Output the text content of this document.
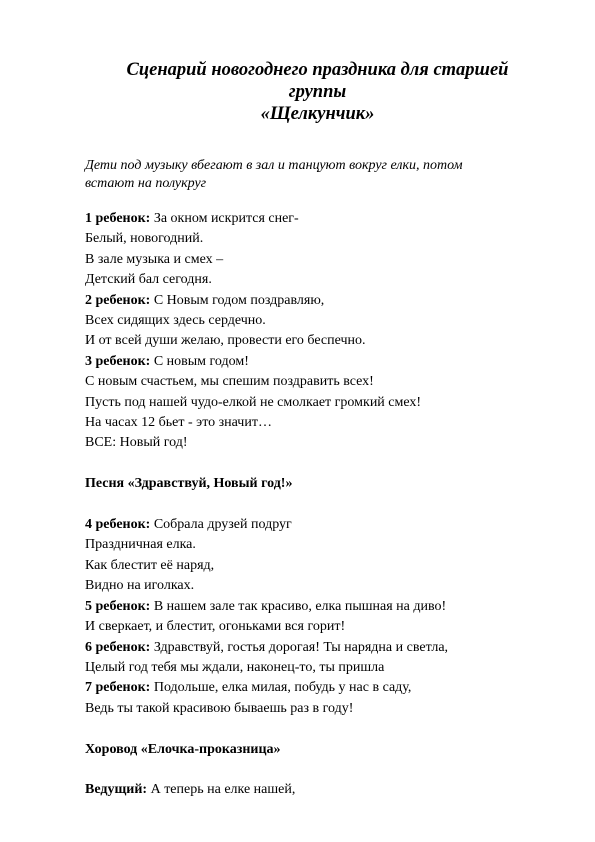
Сценарий новогоднего праздника для старшей
группы
«Щелкунчик»
Дети под музыку вбегают в зал и танцуют вокруг елки, потом
встают на полукруг
1 ребенок: За окном искрится снег-
Белый, новогодний.
В зале музыка и смех –
Детский бал сегодня.
2 ребенок: С Новым годом поздравляю,
Всех сидящих здесь сердечно.
И от всей души желаю, провести его беспечно.
3 ребенок: С новым годом!
С новым счастьем, мы спешим поздравить всех!
Пусть под нашей чудо-елкой не смолкает громкий смех!
На часах 12 бьет - это значит…
ВСЕ: Новый год!
Песня «Здравствуй, Новый год!»
4 ребенок: Собрала друзей подруг
Праздничная елка.
Как блестит её наряд,
Видно на иголках.
5 ребенок: В нашем зале так красиво, елка пышная на диво!
И сверкает, и блестит, огоньками вся горит!
6 ребенок: Здравствуй, гостья дорогая! Ты нарядна и светла,
Целый год тебя мы ждали, наконец-то, ты пришла
7 ребенок: Подольше, елка милая, побудь у нас в саду,
Ведь ты такой красивою бываешь раз в году!
Хоровод «Елочка-проказница»
Ведущий: А теперь на елке нашей,
